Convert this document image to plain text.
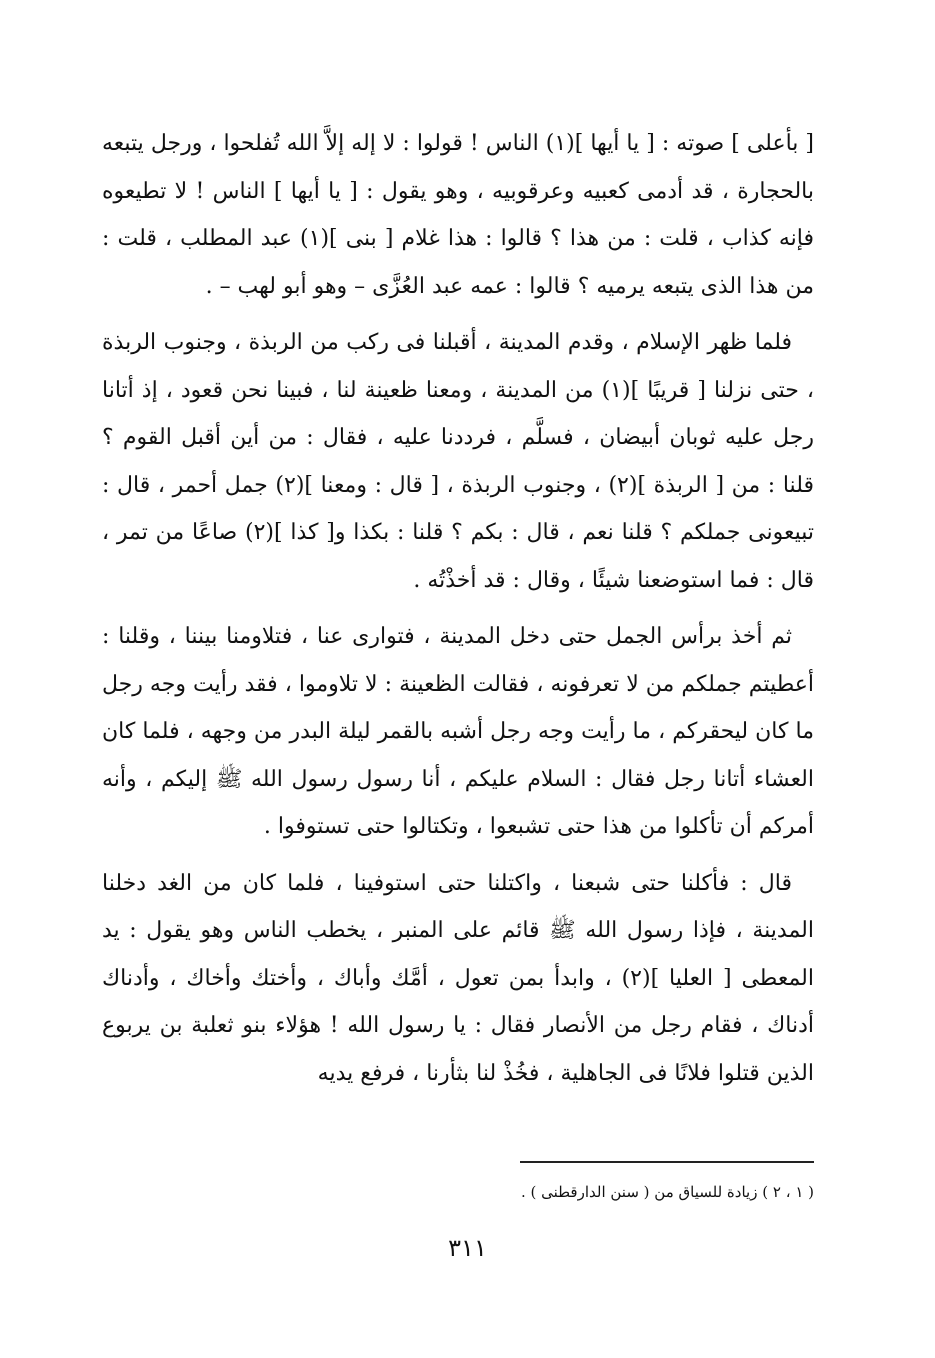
[ بأعلى ] صوته : [ يا أيها ](١) الناس ! قولوا : لا إله إلاَّ الله تُفلحوا ، ورجل يتبعه بالحجارة ، قد أدمى كعبيه وعرقوبيه ، وهو يقول : [ يا أيها ] الناس ! لا تطيعوه فإنه كذاب ، قلت : من هذا ؟ قالوا : هذا غلام [ بنى ](١) عبد المطلب ، قلت : من هذا الذى يتبعه يرميه ؟ قالوا : عمه عبد العُزَّى – وهو أبو لهب – .

فلما ظهر الإسلام ، وقدم المدينة ، أقبلنا فى ركب من الربذة ، وجنوب الربذة ، حتى نزلنا [ قريبًا ](١) من المدينة ، ومعنا ظعينة لنا ، فبينا نحن قعود ، إذ أتانا رجل عليه ثوبان أبيضان ، فسلَّم ، فرددنا عليه ، فقال : من أين أقبل القوم ؟ قلنا : من [ الربذة ](٢) ، وجنوب الربذة ، [ قال : ومعنا ](٢) جمل أحمر ، قال : تبيعونى جملكم ؟ قلنا نعم ، قال : بكم ؟ قلنا : بكذا و[ كذا ](٢) صاعًا من تمر ، قال : فما استوضعنا شيئًا ، وقال : قد أخذْتُه .

ثم أخذ برأس الجمل حتى دخل المدينة ، فتوارى عنا ، فتلاومنا بيننا ، وقلنا : أعطيتم جملكم من لا تعرفونه ، فقالت الظعينة : لا تلاوموا ، فقد رأيت وجه رجل ما كان ليحقركم ، ما رأيت وجه رجل أشبه بالقمر ليلة البدر من وجهه ، فلما كان العشاء أتانا رجل فقال : السلام عليكم ، أنا رسول رسول الله ﷺ إليكم ، وأنه أمركم أن تأكلوا من هذا حتى تشبعوا ، وتكتالوا حتى تستوفوا .

قال : فأكلنا حتى شبعنا ، واكتلنا حتى استوفينا ، فلما كان من الغد دخلنا المدينة ، فإذا رسول الله ﷺ قائم على المنبر ، يخطب الناس وهو يقول : يد المعطى [ العليا ](٢) ، وابدأ بمن تعول ، أمَّك وأباك ، وأختك وأخاك ، وأدناك أدناك ، فقام رجل من الأنصار فقال : يا رسول الله ! هؤلاء بنو ثعلبة بن يربوع الذين قتلوا فلانًا فى الجاهلية ، فخُذْ لنا بثأرنا ، فرفع يديه

( ١ ، ٢ ) زيادة للسياق من ( سنن الدارقطنى ) .
٣١١
